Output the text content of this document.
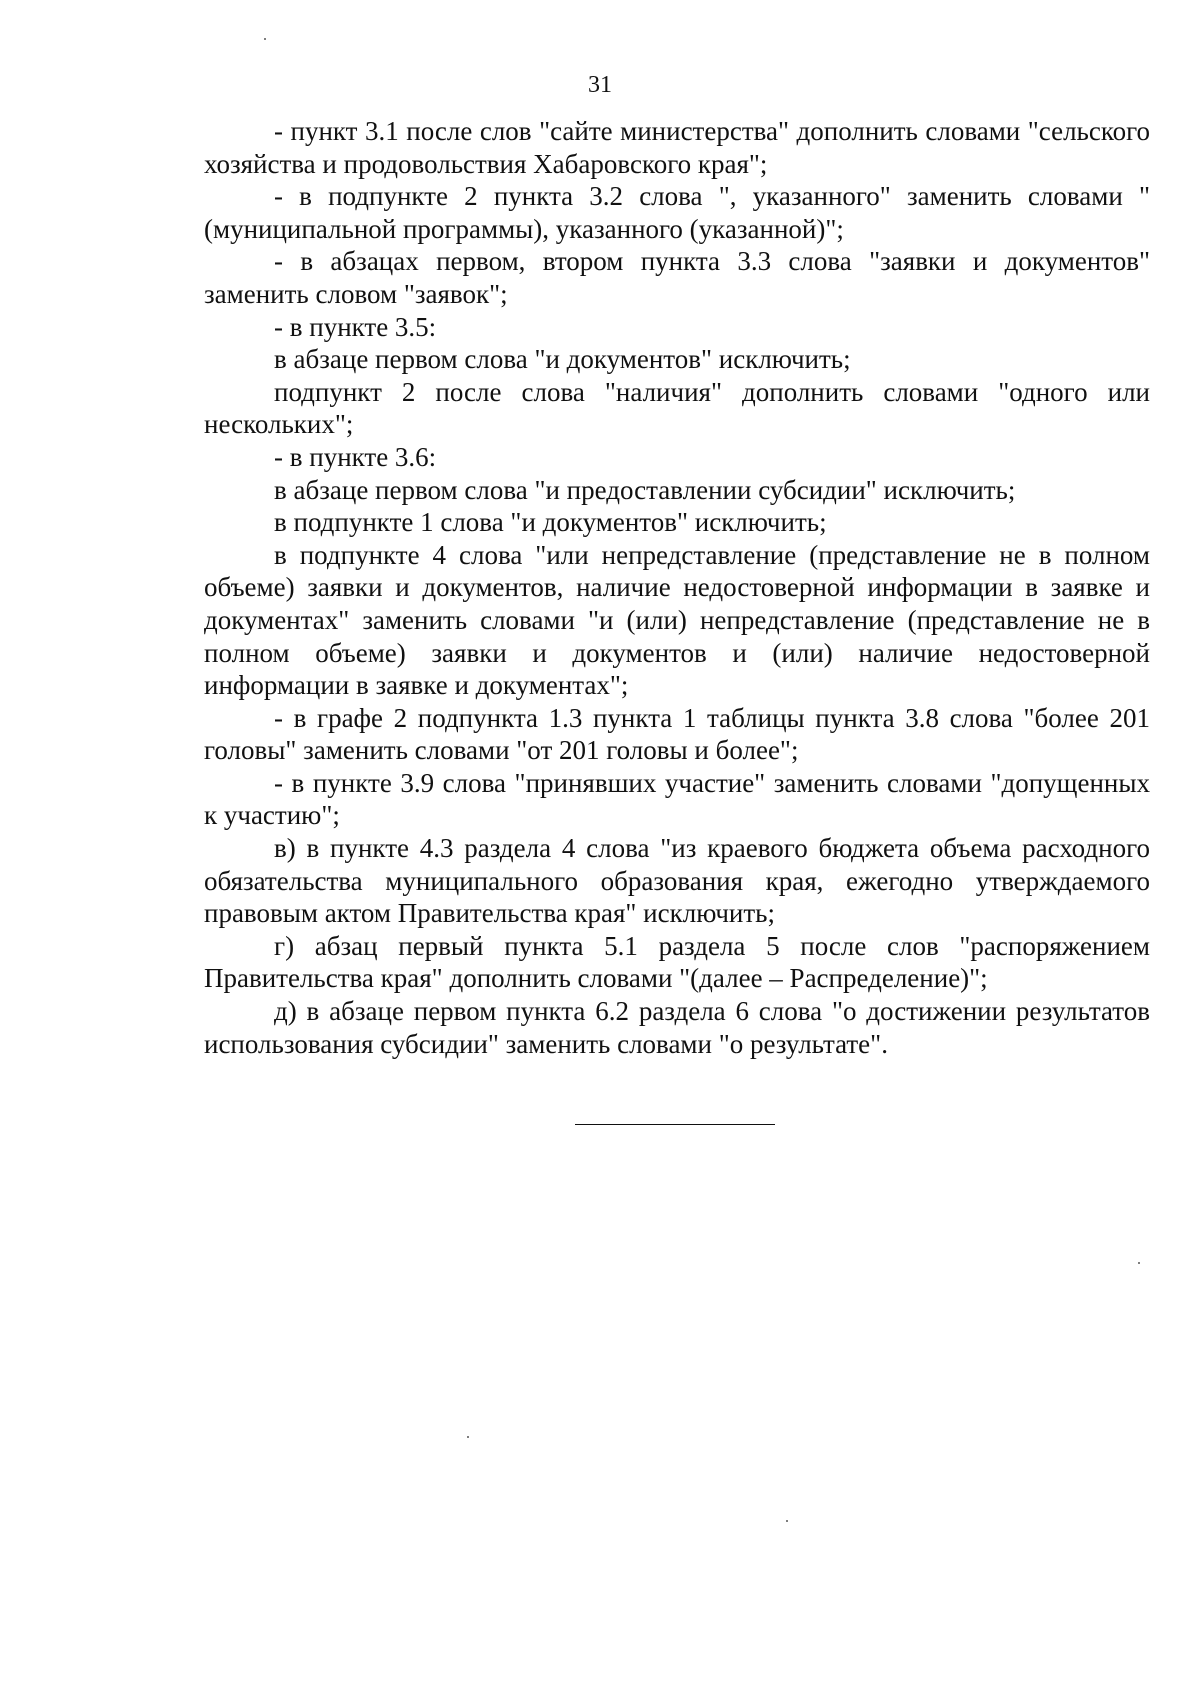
31

- пункт 3.1 после слов "сайте министерства" дополнить словами "сельского хозяйства и продовольствия Хабаровского края";

- в подпункте 2 пункта 3.2 слова ", указанного" заменить словами "(муниципальной программы), указанного (указанной)";

- в абзацах первом, втором пункта 3.3 слова "заявки и документов" заменить словом "заявок";

- в пункте 3.5:

в абзаце первом слова "и документов" исключить;

подпункт 2 после слова "наличия" дополнить словами "одного или нескольких";

- в пункте 3.6:

в абзаце первом слова "и предоставлении субсидии" исключить;

в подпункте 1 слова "и документов" исключить;

в подпункте 4 слова "или непредставление (представление не в полном объеме) заявки и документов, наличие недостоверной информации в заявке и документах" заменить словами "и (или) непредставление (представление не в полном объеме) заявки и документов и (или) наличие недостоверной информации в заявке и документах";

- в графе 2 подпункта 1.3 пункта 1 таблицы пункта 3.8 слова "более 201 головы" заменить словами "от 201 головы и более";

- в пункте 3.9 слова "принявших участие" заменить словами "допущенных к участию";

в) в пункте 4.3 раздела 4 слова "из краевого бюджета объема расходного обязательства муниципального образования края, ежегодно утверждаемого правовым актом Правительства края" исключить;

г) абзац первый пункта 5.1 раздела 5 после слов "распоряжением Правительства края" дополнить словами "(далее – Распределение)";

д) в абзаце первом пункта 6.2 раздела 6 слова "о достижении результатов использования субсидии" заменить словами "о результате".
